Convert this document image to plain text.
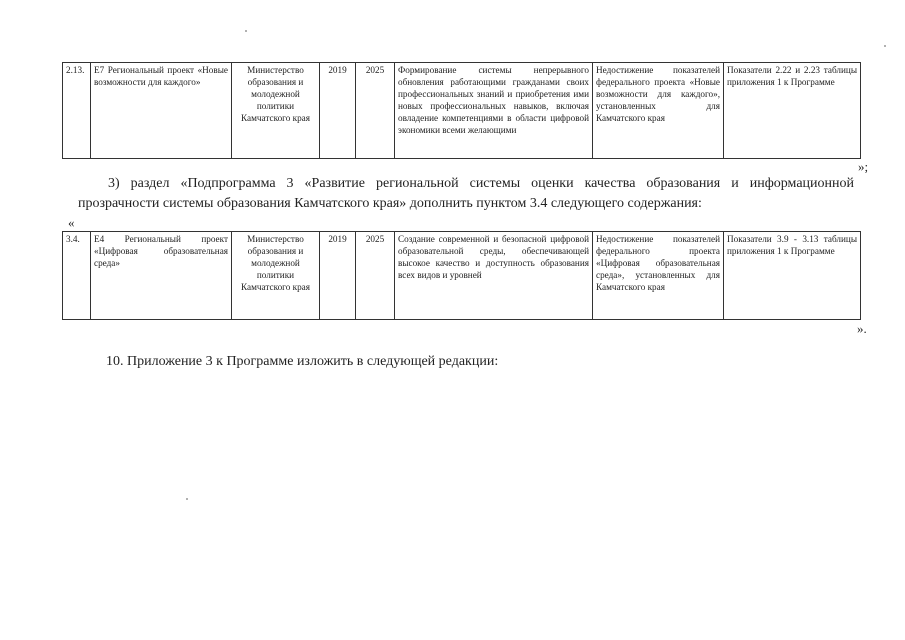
2.13.	Е7 Региональный проект «Новые возможности для каждого»	Министерство образования и молодежной политики Камчатского края	2019	2025	Формирование системы непрерывного обновления работающими гражданами своих профессиональных знаний и приобретения ими новых профессиональных навыков, включая овладение компетенциями в области цифровой экономики всеми желающими	Недостижение показателей федерального проекта «Новые возможности для каждого», установленных для Камчатского края	Показатели 2.22 и 2.23 таблицы приложения 1 к Программе
»;
3) раздел «Подпрограмма 3 «Развитие региональной системы оценки качества образования и информационной прозрачности системы образования Камчатского края» дополнить пунктом 3.4 следующего содержания:
«
3.4.	Е4 Региональный проект «Цифровая образовательная среда»	Министерство образования и молодежной политики Камчатского края	2019	2025	Создание современной и безопасной цифровой образовательной среды, обеспечивающей высокое качество и доступность образования всех видов и уровней	Недостижение показателей федерального проекта «Цифровая образовательная среда», установленных для Камчатского края	Показатели 3.9 - 3.13 таблицы приложения 1 к Программе
».
10. Приложение 3 к Программе изложить в следующей редакции:
